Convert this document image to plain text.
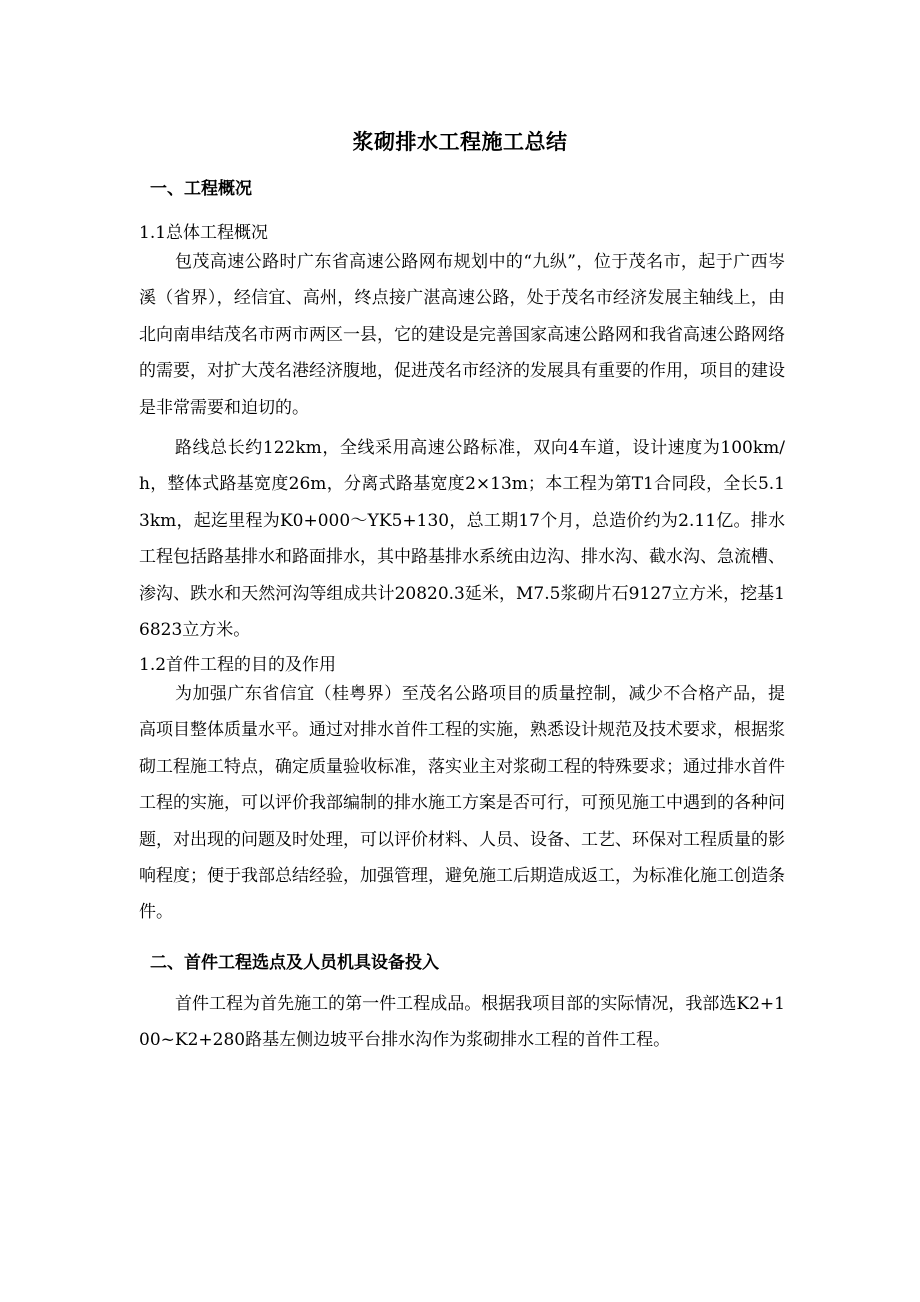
浆砌排水工程施工总结
一、工程概况
1.1总体工程概况

包茂高速公路时广东省高速公路网布规划中的“九纵”，位于茂名市，起于广西岑溪（省界），经信宜、高州，终点接广湛高速公路，处于茂名市经济发展主轴线上，由北向南串结茂名市两市两区一县，它的建设是完善国家高速公路网和我省高速公路网络的需要，对扩大茂名港经济腹地，促进茂名市经济的发展具有重要的作用，项目的建设是非常需要和迫切的。

路线总长约122km，全线采用高速公路标准，双向4车道，设计速度为100km/h，整体式路基宽度26m，分离式路基宽度2×13m；本工程为第T1合同段，全长5.13km，起迄里程为K0+000～YK5+130，总工期17个月，总造价约为2.11亿。排水工程包括路基排水和路面排水，其中路基排水系统由边沟、排水沟、截水沟、急流槽、渗沟、跌水和天然河沟等组成共计20820.3延米，M7.5浆砌片石9127立方米，挖基16823立方米。

1.2首件工程的目的及作用

为加强广东省信宜（桂粤界）至茂名公路项目的质量控制，减少不合格产品，提高项目整体质量水平。通过对排水首件工程的实施，熟悉设计规范及技术要求，根据浆砌工程施工特点，确定质量验收标准，落实业主对浆砌工程的特殊要求；通过排水首件工程的实施，可以评价我部编制的排水施工方案是否可行，可预见施工中遇到的各种问题，对出现的问题及时处理，可以评价材料、人员、设备、工艺、环保对工程质量的影响程度；便于我部总结经验，加强管理，避免施工后期造成返工，为标准化施工创造条件。

二、首件工程选点及人员机具设备投入

首件工程为首先施工的第一件工程成品。根据我项目部的实际情况，我部选K2+100~K2+280路基左侧边坡平台排水沟作为浆砌排水工程的首件工程。
